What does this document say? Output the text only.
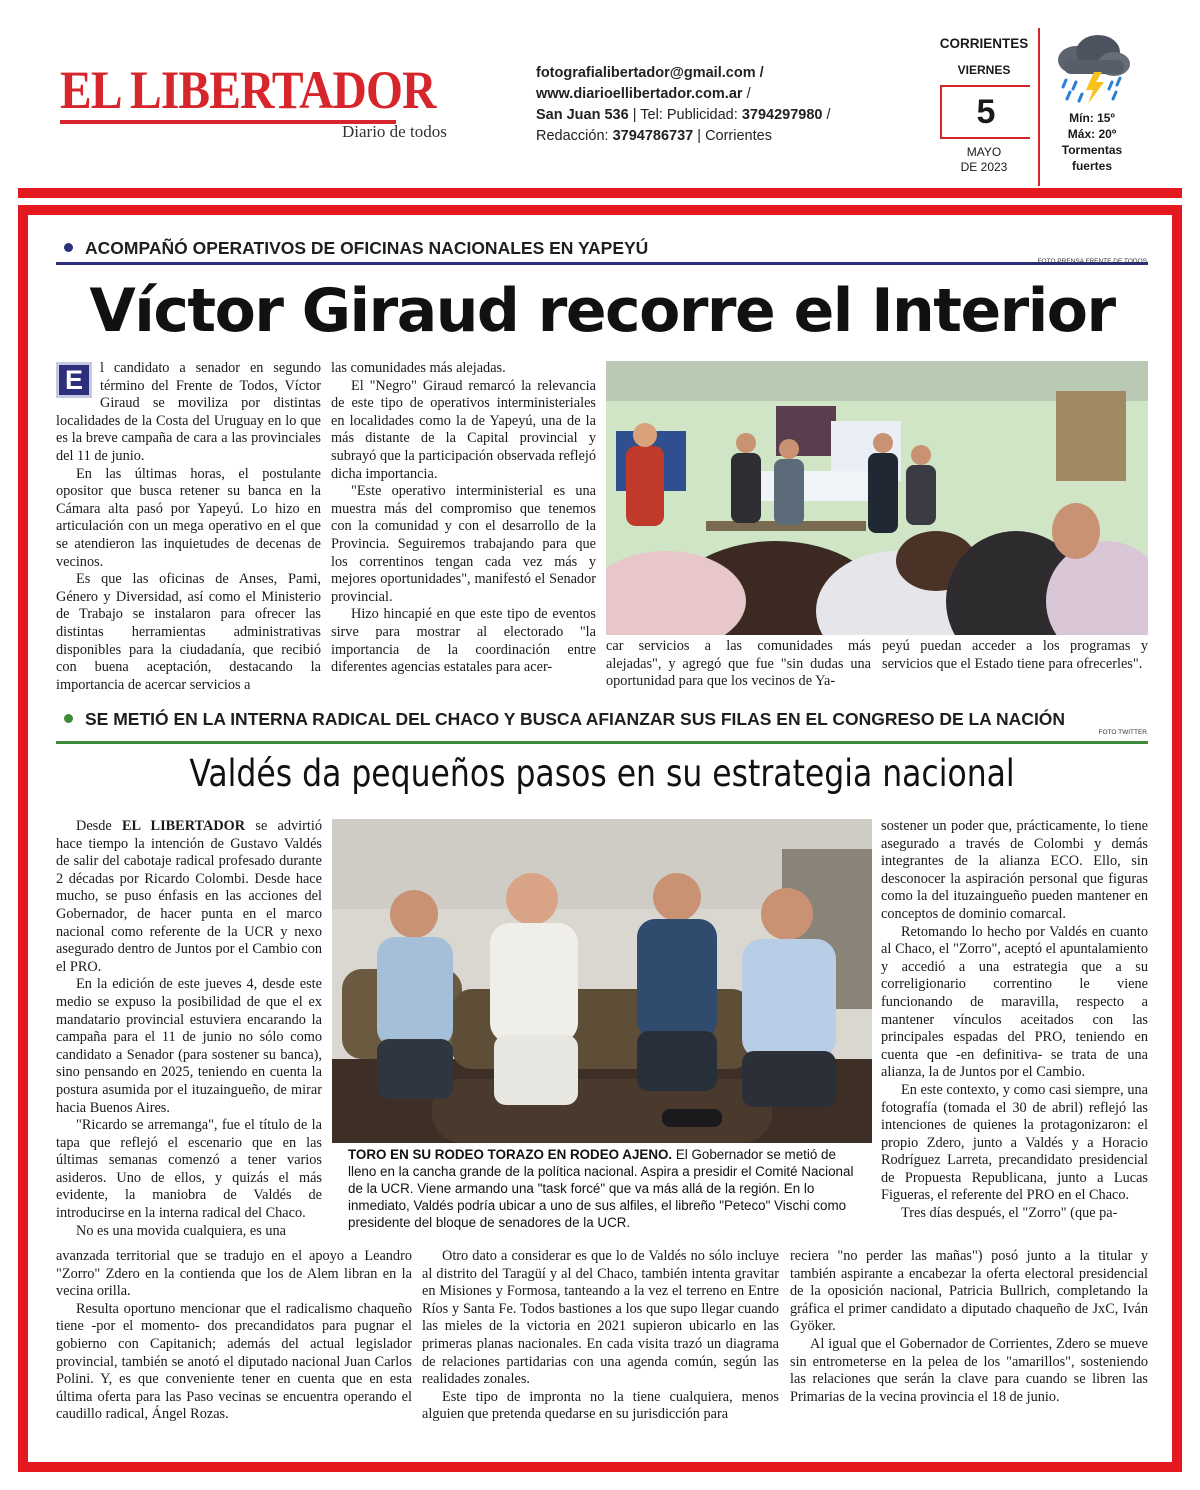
EL LIBERTADOR
Diario de todos
fotografialibertador@gmail.com /
www.diarioellibertador.com.ar /
San Juan 536 | Tel: Publicidad: 3794297980 /
Redacción: 3794786737 | Corrientes
CORRIENTES
VIERNES
5
MAYO
DE 2023
Mín: 15º
Máx: 20º
Tormentas
fuertes
ACOMPAÑÓ OPERATIVOS DE OFICINAS NACIONALES EN YAPEYÚ
FOTO PRENSA FRENTE DE TODOS
Víctor Giraud recorre el Interior
E	l candidato a senador en segundo término del Frente de Todos, Víctor Giraud se moviliza por distintas localidades de la Costa del Uruguay en lo que es la breve campaña de cara a las provinciales del 11 de junio.

En las últimas horas, el postulante opositor que busca retener su banca en la Cámara alta pasó por Yapeyú. Lo hizo en articulación con un mega operativo en el que se atendieron las inquietudes de decenas de vecinos.

Es que las oficinas de Anses, Pami, Género y Diversidad, así como el Ministerio de Trabajo se instalaron para ofrecer las distintas herramientas administrativas disponibles para la ciudadanía, que recibió con buena aceptación, destacando la importancia de acercar servicios a

las comunidades más alejadas.

El "Negro" Giraud remarcó la relevancia de este tipo de operativos interministeriales en localidades como la de Yapeyú, una de la más distante de la Capital provincial y subrayó que la participación observada reflejó dicha importancia.

"Este operativo interministerial es una muestra más del compromiso que tenemos con la comunidad y con el desarrollo de la Provincia. Seguiremos trabajando para que los correntinos tengan cada vez más y mejores oportunidades", manifestó el Senador provincial.

Hizo hincapié en que este tipo de eventos sirve para mostrar al electorado "la importancia de la coordinación entre diferentes agencias estatales para acer-

car servicios a las comunidades más alejadas", y agregó que fue "sin dudas una oportunidad para que los vecinos de Ya-

peyú puedan acceder a los programas y servicios que el Estado tiene para ofrecerles".

SE METIÓ EN LA INTERNA RADICAL DEL CHACO Y BUSCA AFIANZAR SUS FILAS EN EL CONGRESO DE LA NACIÓN
FOTO TWITTER
Valdés da pequeños pasos en su estrategia nacional

Desde EL LIBERTADOR se advirtió hace tiempo la intención de Gustavo Valdés de salir del cabotaje radical profesado durante 2 décadas por Ricardo Colombi. Desde hace mucho, se puso énfasis en las acciones del Gobernador, de hacer punta en el marco nacional como referente de la UCR y nexo asegurado dentro de Juntos por el Cambio con el PRO.

En la edición de este jueves 4, desde este medio se expuso la posibilidad de que el ex mandatario provincial estuviera encarando la campaña para el 11 de junio no sólo como candidato a Senador (para sostener su banca), sino pensando en 2025, teniendo en cuenta la postura asumida por el ituzaingueño, de mirar hacia Buenos Aires.

"Ricardo se arremanga", fue el título de la tapa que reflejó el escenario que en las últimas semanas comenzó a tener varios asideros. Uno de ellos, y quizás el más evidente, la maniobra de Valdés de introducirse en la interna radical del Chaco.

No es una movida cualquiera, es una

TORO EN SU RODEO TORAZO EN RODEO AJENO. El Gobernador se metió de lleno en la cancha grande de la política nacional. Aspira a presidir el Comité Nacional de la UCR. Viene armando una "task forcé" que va más allá de la región. En lo inmediato, Valdés podría ubicar a uno de sus alfiles, el libreño "Peteco" Vischi como presidente del bloque de senadores de la UCR.

sostener un poder que, prácticamente, lo tiene asegurado a través de Colombi y demás integrantes de la alianza ECO. Ello, sin desconocer la aspiración personal que figuras como la del ituzaingueño pueden mantener en conceptos de dominio comarcal.

Retomando lo hecho por Valdés en cuanto al Chaco, el "Zorro", aceptó el apuntalamiento y accedió a una estrategia que a su correligionario correntino le viene funcionando de maravilla, respecto a mantener vínculos aceitados con las principales espadas del PRO, teniendo en cuenta que -en definitiva- se trata de una alianza, la de Juntos por el Cambio.

En este contexto, y como casi siempre, una fotografía (tomada el 30 de abril) reflejó las intenciones de quienes la protagonizaron: el propio Zdero, junto a Valdés y a Horacio Rodríguez Larreta, precandidato presidencial de Propuesta Republicana, junto a Lucas Figueras, el referente del PRO en el Chaco.

Tres días después, el "Zorro" (que pa-

avanzada territorial que se tradujo en el apoyo a Leandro "Zorro" Zdero en la contienda que los de Alem libran en la vecina orilla.

Resulta oportuno mencionar que el radicalismo chaqueño tiene -por el momento- dos precandidatos para pugnar el gobierno con Capitanich; además del actual legislador provincial, también se anotó el diputado nacional Juan Carlos Polini. Y, es que conveniente tener en cuenta que en esta última oferta para las Paso vecinas se encuentra operando el caudillo radical, Ángel Rozas.

Otro dato a considerar es que lo de Valdés no sólo incluye al distrito del Taragüí y al del Chaco, también intenta gravitar en Misiones y Formosa, tanteando a la vez el terreno en Entre Ríos y Santa Fe. Todos bastiones a los que supo llegar cuando las mieles de la victoria en 2021 supieron ubicarlo en las primeras planas nacionales. En cada visita trazó un diagrama de relaciones partidarias con una agenda común, según las realidades zonales.

Este tipo de impronta no la tiene cualquiera, menos alguien que pretenda quedarse en su jurisdicción para

reciera "no perder las mañas") posó junto a la titular y también aspirante a encabezar la oferta electoral presidencial de la oposición nacional, Patricia Bullrich, completando la gráfica el primer candidato a diputado chaqueño de JxC, Iván Gyöker.

Al igual que el Gobernador de Corrientes, Zdero se mueve sin entrometerse en la pelea de los "amarillos", sosteniendo las relaciones que serán la clave para cuando se libren las Primarias de la vecina provincia el 18 de junio.
